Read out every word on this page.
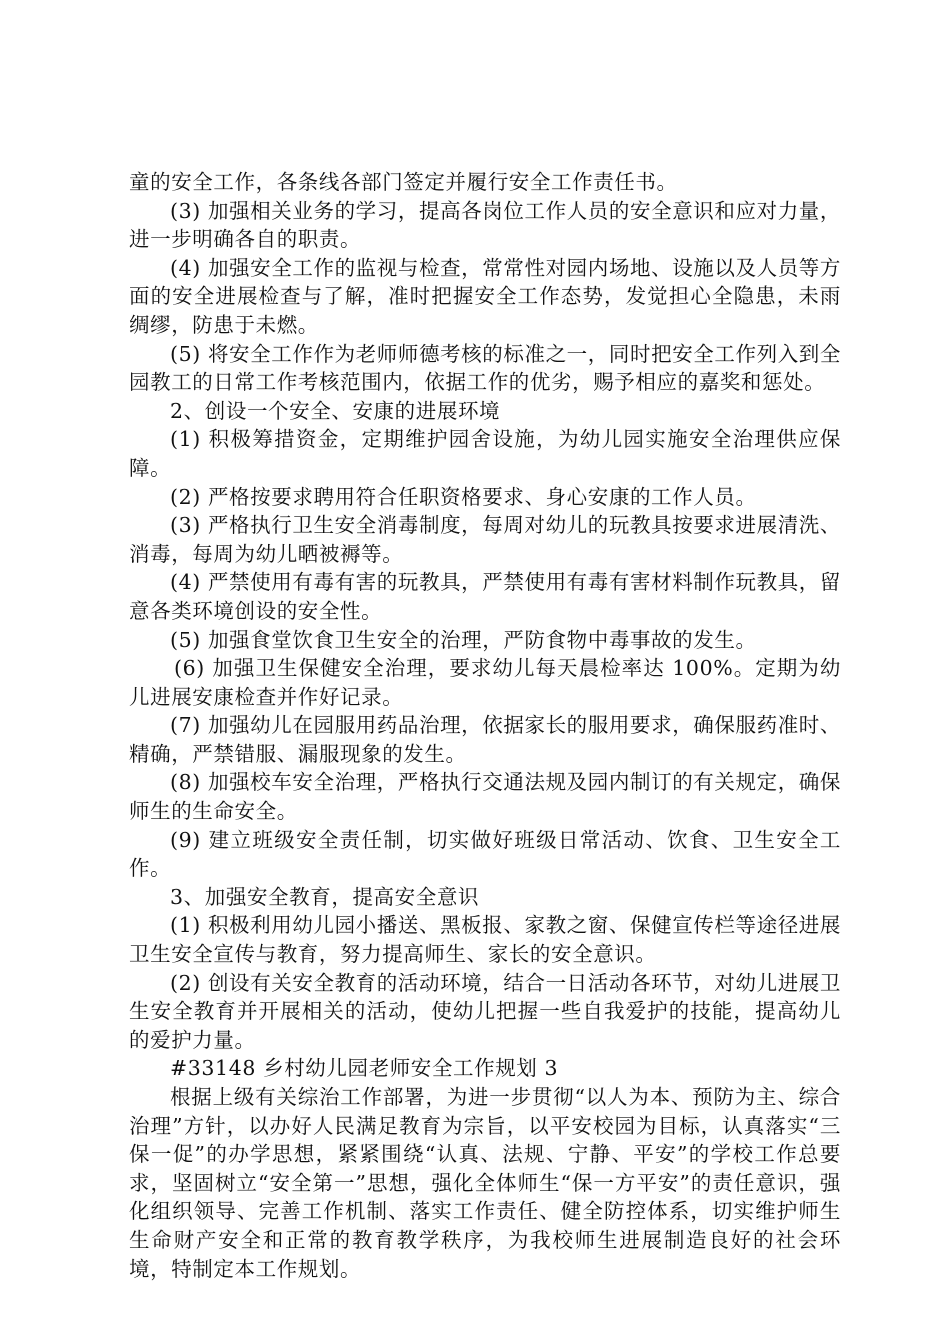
童的安全工作，各条线各部门签定并履行安全工作责任书。

(3) 加强相关业务的学习，提高各岗位工作人员的安全意识和应对力量，进一步明确各自的职责。

(4) 加强安全工作的监视与检查，常常性对园内场地、设施以及人员等方面的安全进展检查与了解，准时把握安全工作态势，发觉担心全隐患，未雨绸缪，防患于未燃。

(5) 将安全工作作为老师师德考核的标准之一，同时把安全工作列入到全园教工的日常工作考核范围内，依据工作的优劣，赐予相应的嘉奖和惩处。

2、创设一个安全、安康的进展环境

(1) 积极筹措资金，定期维护园舍设施，为幼儿园实施安全治理供应保障。

(2) 严格按要求聘用符合任职资格要求、身心安康的工作人员。

(3) 严格执行卫生安全消毒制度，每周对幼儿的玩教具按要求进展清洗、消毒，每周为幼儿晒被褥等。

(4) 严禁使用有毒有害的玩教具，严禁使用有毒有害材料制作玩教具，留意各类环境创设的安全性。

(5) 加强食堂饮食卫生安全的治理，严防食物中毒事故的发生。

(6) 加强卫生保健安全治理，要求幼儿每天晨检率达 100%。定期为幼儿进展安康检查并作好记录。

(7) 加强幼儿在园服用药品治理，依据家长的服用要求，确保服药准时、精确，严禁错服、漏服现象的发生。

(8) 加强校车安全治理，严格执行交通法规及园内制订的有关规定，确保师生的生命安全。

(9) 建立班级安全责任制，切实做好班级日常活动、饮食、卫生安全工作。

3、加强安全教育，提高安全意识

(1) 积极利用幼儿园小播送、黑板报、家教之窗、保健宣传栏等途径进展卫生安全宣传与教育，努力提高师生、家长的安全意识。

(2) 创设有关安全教育的活动环境，结合一日活动各环节，对幼儿进展卫生安全教育并开展相关的活动，使幼儿把握一些自我爱护的技能，提高幼儿的爱护力量。

#33148 乡村幼儿园老师安全工作规划 3

根据上级有关综治工作部署，为进一步贯彻“以人为本、预防为主、综合治理”方针，以办好人民满足教育为宗旨，以平安校园为目标，认真落实“三保一促”的办学思想，紧紧围绕“认真、法规、宁静、平安”的学校工作总要求，坚固树立“安全第一”思想，强化全体师生“保一方平安”的责任意识，强化组织领导、完善工作机制、落实工作责任、健全防控体系，切实维护师生生命财产安全和正常的教育教学秩序，为我校师生进展制造良好的社会环境，特制定本工作规划。
